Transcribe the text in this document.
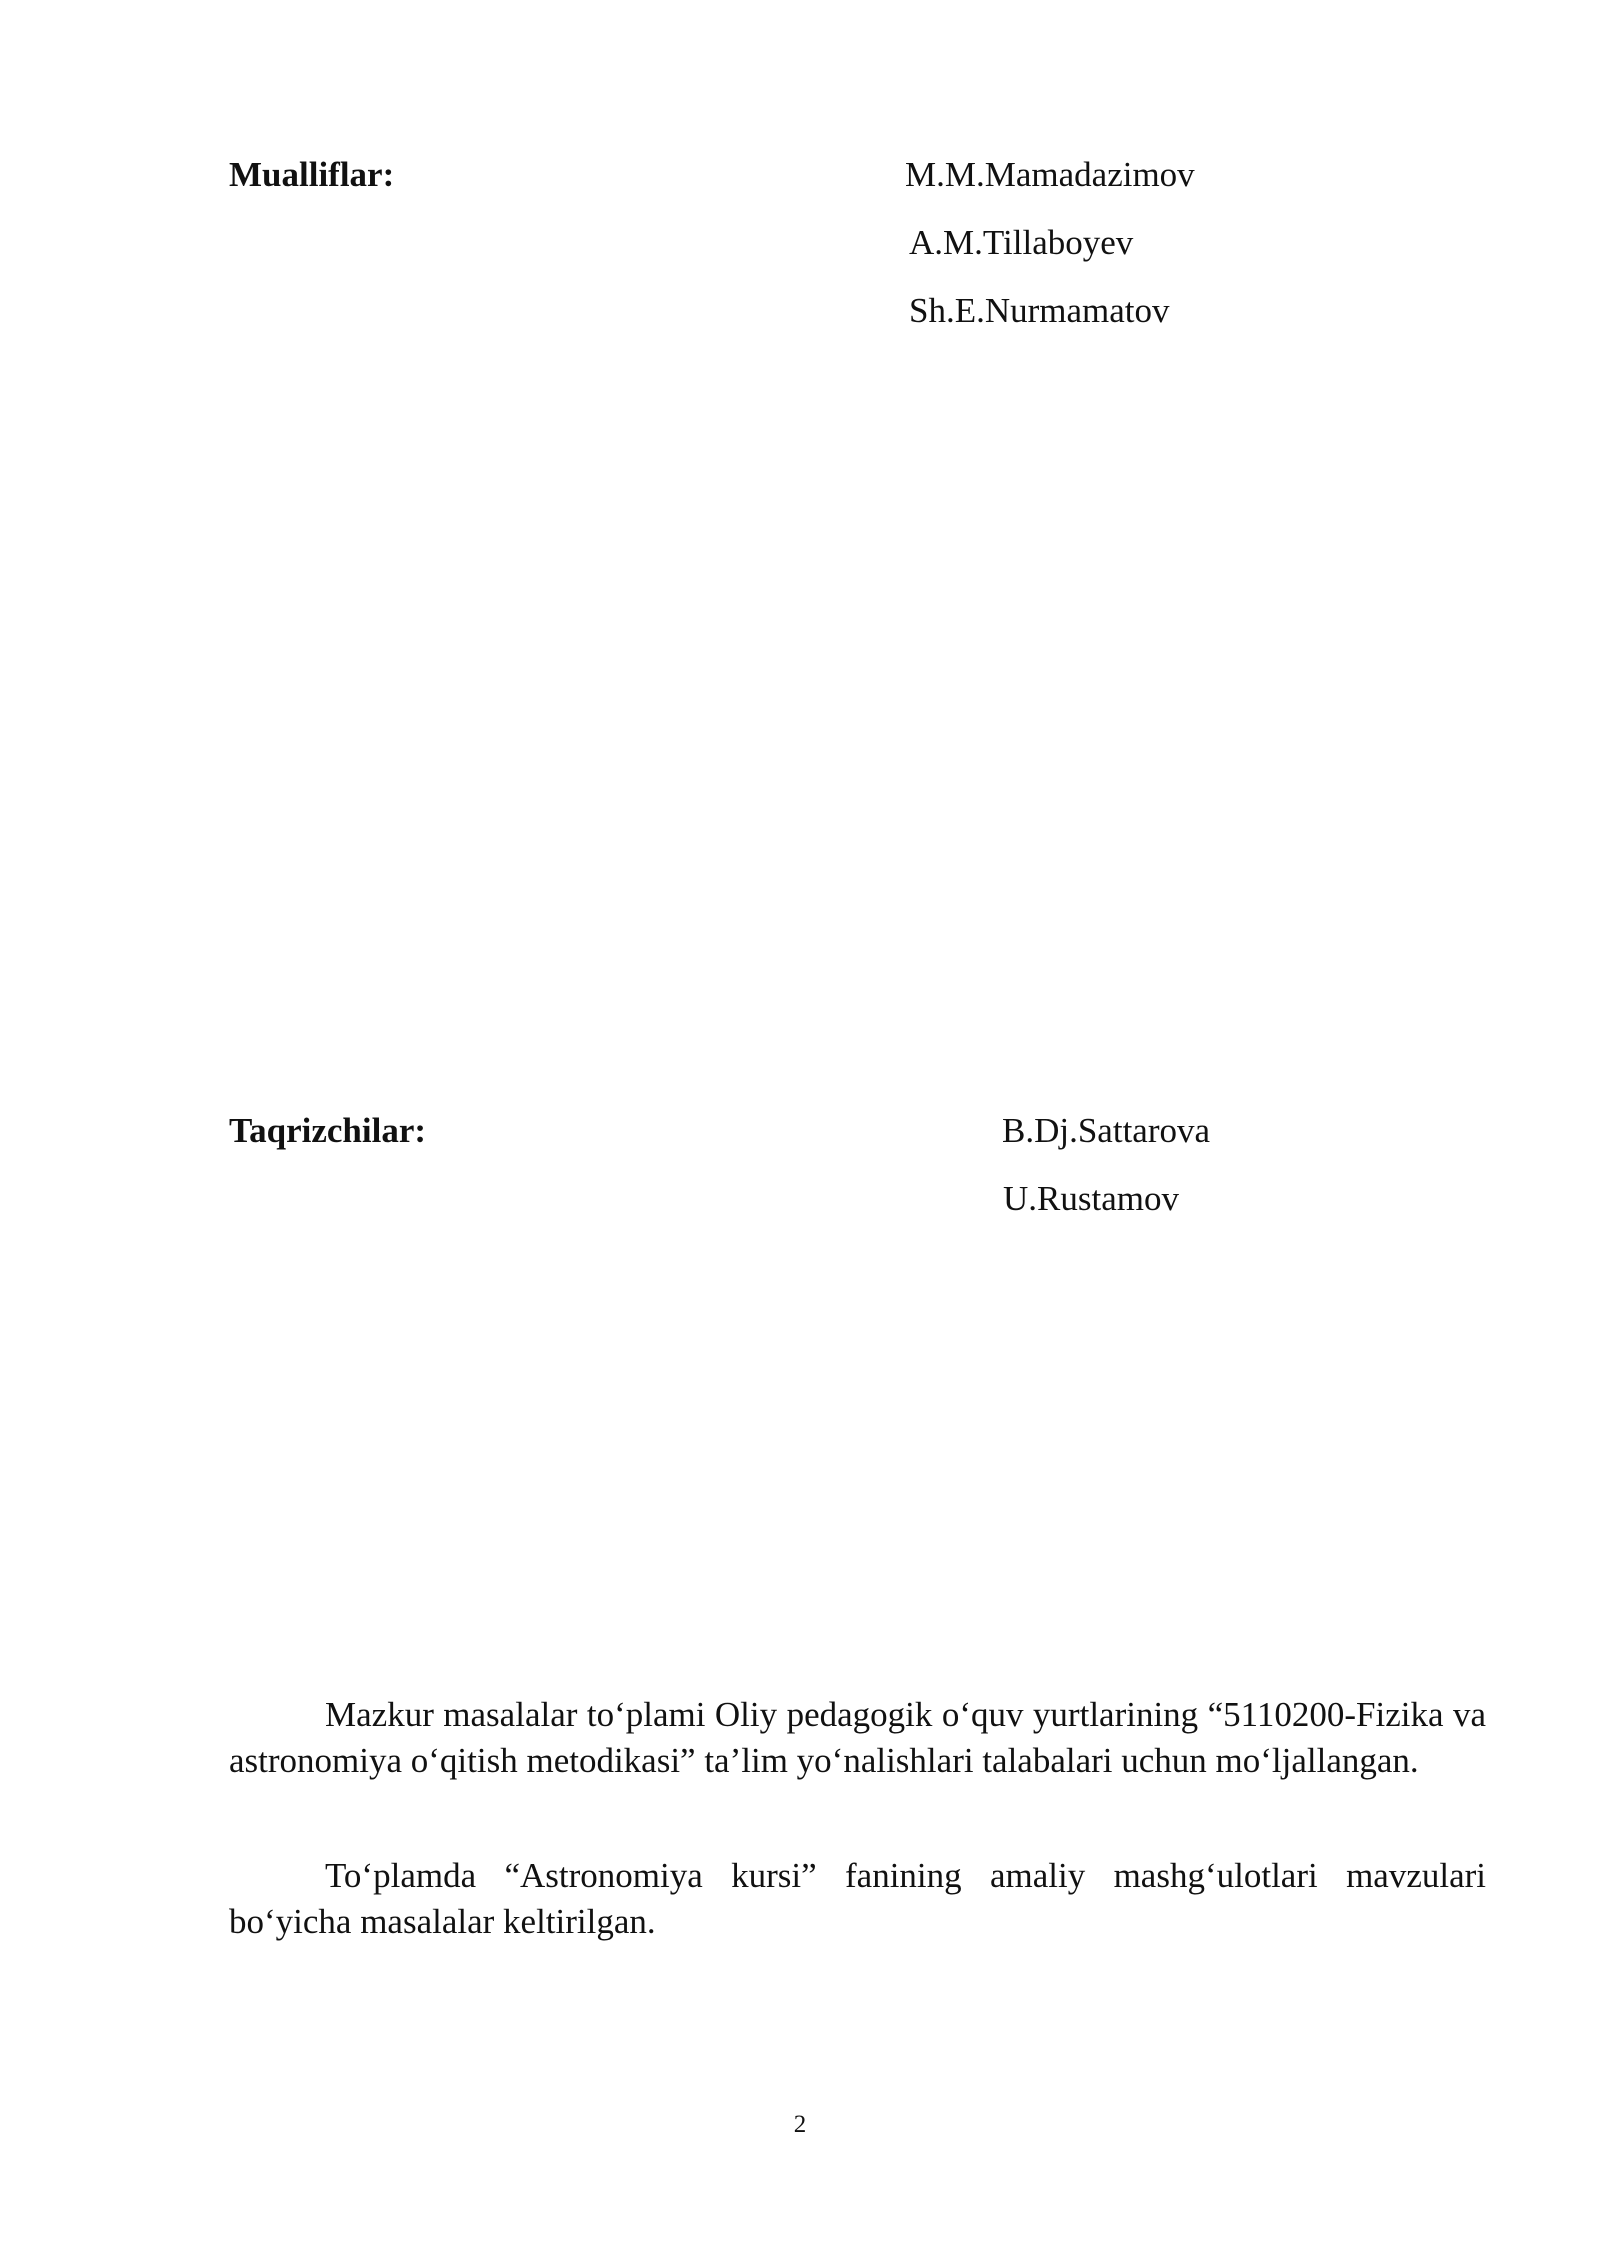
Mualliflar:	M.M.Mamadazimov
A.M.Tillaboyev
Sh.E.Nurmamatov
Taqrizchilar:	B.Dj.Sattarova
U.Rustamov

Mazkur masalalar to‘plami Oliy pedagogik o‘quv yurtlarining “5110200-Fizika va astronomiya o‘qitish metodikasi” ta’lim yo‘nalishlari talabalari uchun mo‘ljallangan.

To‘plamda “Astronomiya kursi” fanining amaliy mashg‘ulotlari mavzulari bo‘yicha masalalar keltirilgan.

2
